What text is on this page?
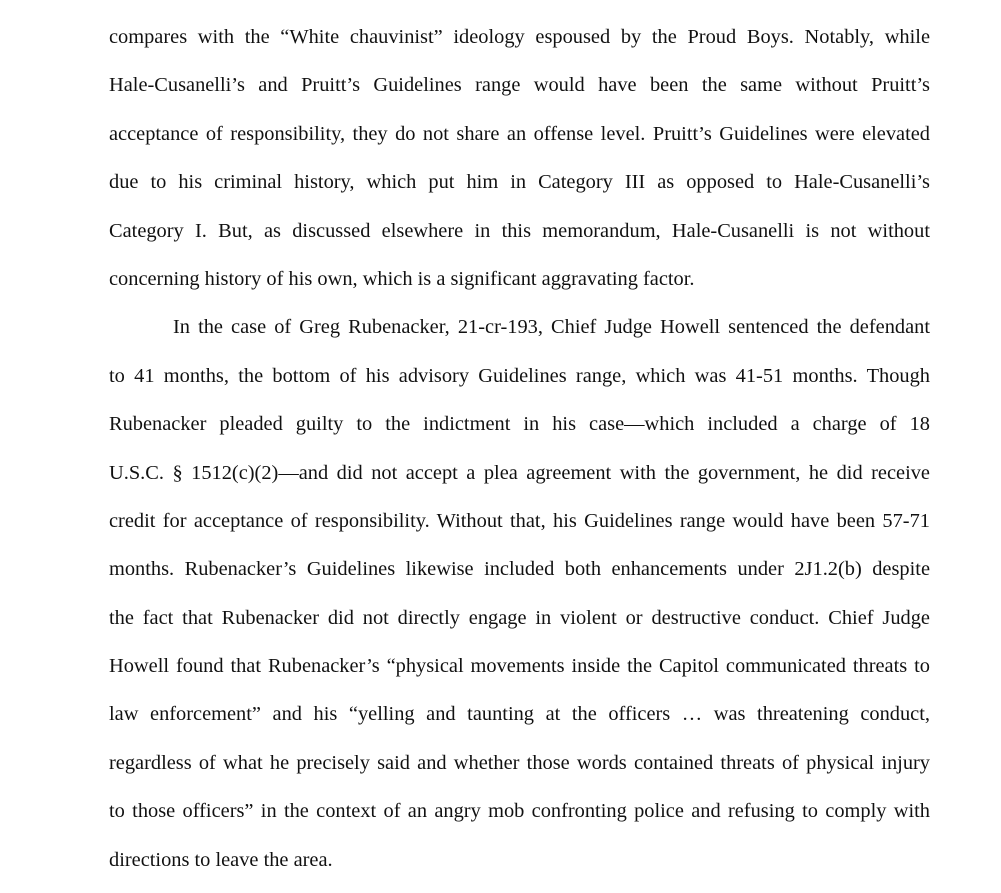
compares with the “White chauvinist” ideology espoused by the Proud Boys. Notably, while
Hale-Cusanelli’s and Pruitt’s Guidelines range would have been the same without Pruitt’s
acceptance of responsibility, they do not share an offense level. Pruitt’s Guidelines were elevated
due to his criminal history, which put him in Category III as opposed to Hale-Cusanelli’s
Category I. But, as discussed elsewhere in this memorandum, Hale-Cusanelli is not without
concerning history of his own, which is a significant aggravating factor.
In the case of Greg Rubenacker, 21-cr-193, Chief Judge Howell sentenced the defendant
to 41 months, the bottom of his advisory Guidelines range, which was 41-51 months. Though
Rubenacker pleaded guilty to the indictment in his case—which included a charge of 18
U.S.C. § 1512(c)(2)—and did not accept a plea agreement with the government, he did receive
credit for acceptance of responsibility. Without that, his Guidelines range would have been 57-71
months. Rubenacker’s Guidelines likewise included both enhancements under 2J1.2(b) despite
the fact that Rubenacker did not directly engage in violent or destructive conduct. Chief Judge
Howell found that Rubenacker’s “physical movements inside the Capitol communicated threats to
law enforcement” and his “yelling and taunting at the officers … was threatening conduct,
regardless of what he precisely said and whether those words contained threats of physical injury
to those officers” in the context of an angry mob confronting police and refusing to comply with
directions to leave the area.
